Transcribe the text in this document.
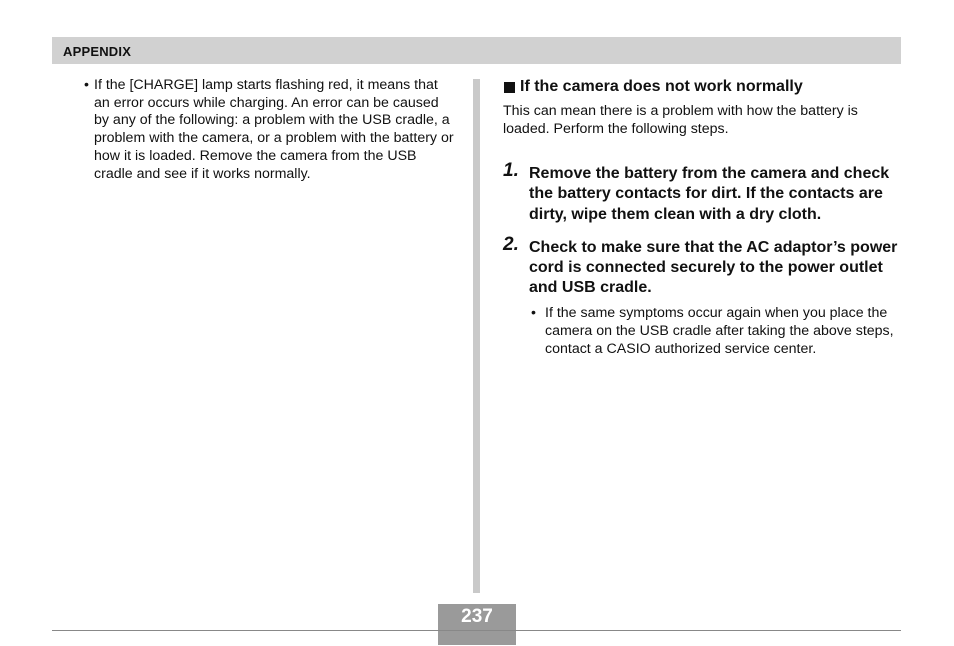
APPENDIX
• If the [CHARGE] lamp starts flashing red, it means that an error occurs while charging. An error can be caused by any of the following: a problem with the USB cradle, a problem with the camera, or a problem with the battery or how it is loaded. Remove the camera from the USB cradle and see if it works normally.
If the camera does not work normally
This can mean there is a problem with how the battery is loaded. Perform the following steps.
1. Remove the battery from the camera and check the battery contacts for dirt. If the contacts are dirty, wipe them clean with a dry cloth.
2. Check to make sure that the AC adaptor’s power cord is connected securely to the power outlet and USB cradle.
• If the same symptoms occur again when you place the camera on the USB cradle after taking the above steps, contact a CASIO authorized service center.
237
